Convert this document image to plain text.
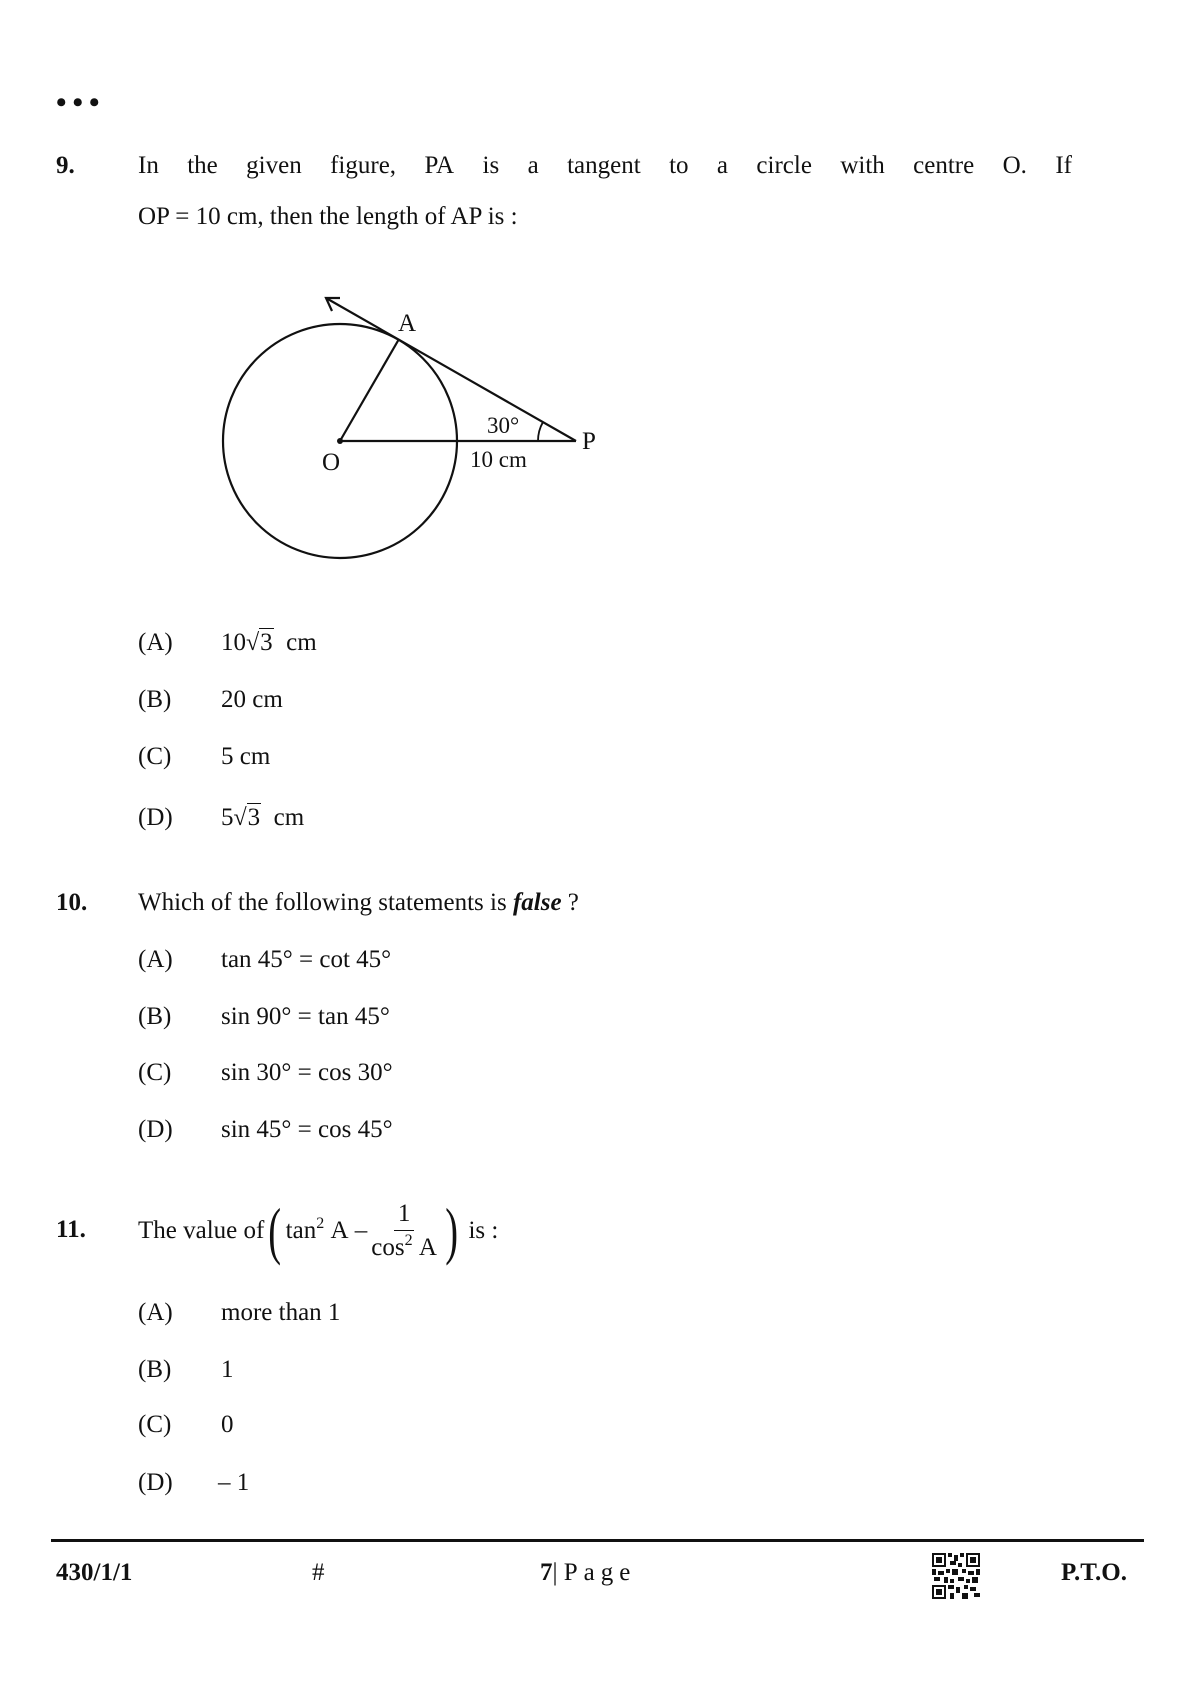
•••
9.	In the given figure, PA is a tangent to a circle with centre O. If
OP = 10 cm, then the length of AP is :
A
O
P
30°
10 cm
(A) 10√3 cm
(B) 20 cm
(C) 5 cm
(D) 5√3 cm
10. Which of the following statements is false ?
(A) tan 45° = cot 45°
(B) sin 90° = tan 45°
(C) sin 30° = cos 30°
(D) sin 45° = cos 45°
11. The value of ( $\tan^2 A$
– $\frac{1}{\cos^2 A}$ )
is :
(A) more than 1
(B) 1
(C) 0
(D) – 1
430/1/1	#	7| Page	P.T.O.
